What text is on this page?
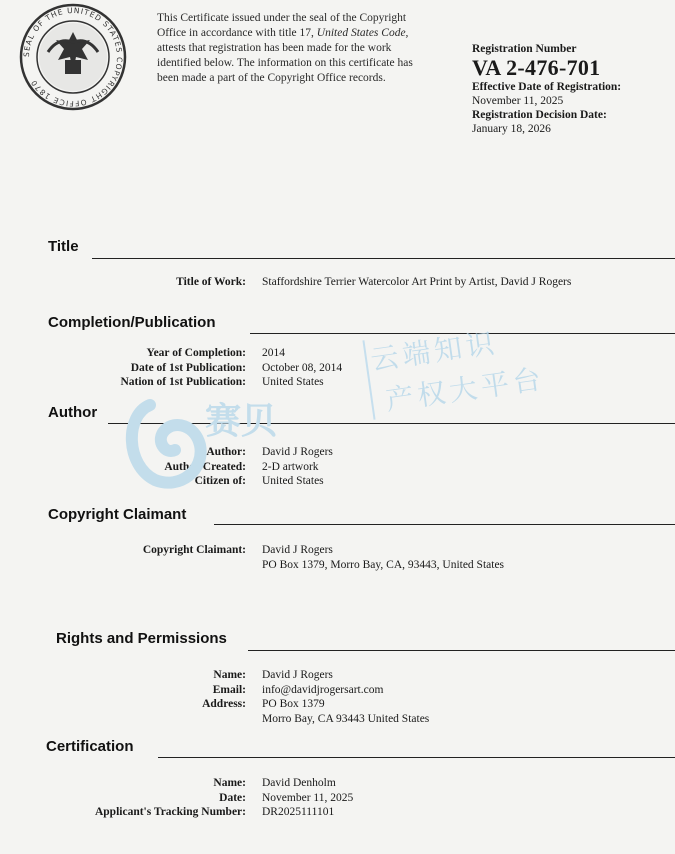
SEAL OF THE UNITED STATES COPYRIGHT OFFICE 1870
This Certificate issued under the seal of the Copyright
Office in accordance with title 17, United States Code,
attests that registration has been made for the work
identified below. The information on this certificate has
been made a part of the Copyright Office records.
Registration Number
VA 2-476-701
Effective Date of Registration:
November 11, 2025
Registration Decision Date:
January 18, 2026
Title
Title of Work: Staffordshire Terrier Watercolor Art Print by Artist, David J Rogers
Completion/Publication
Year of Completion: 2014
Date of 1st Publication: October 08, 2014
Nation of 1st Publication: United States
Author
Author: David J Rogers
Author Created: 2-D artwork
Citizen of: United States
Copyright Claimant
Copyright Claimant: David J Rogers
PO Box 1379, Morro Bay, CA, 93443, United States
Rights and Permissions
Name: David J Rogers
Email: info@davidjrogersart.com
Address: PO Box 1379
Morro Bay, CA 93443 United States
Certification
Name: David Denholm
Date: November 11, 2025
Applicant's Tracking Number: DR2025111101
赛贝
云端知识
产权大平台
